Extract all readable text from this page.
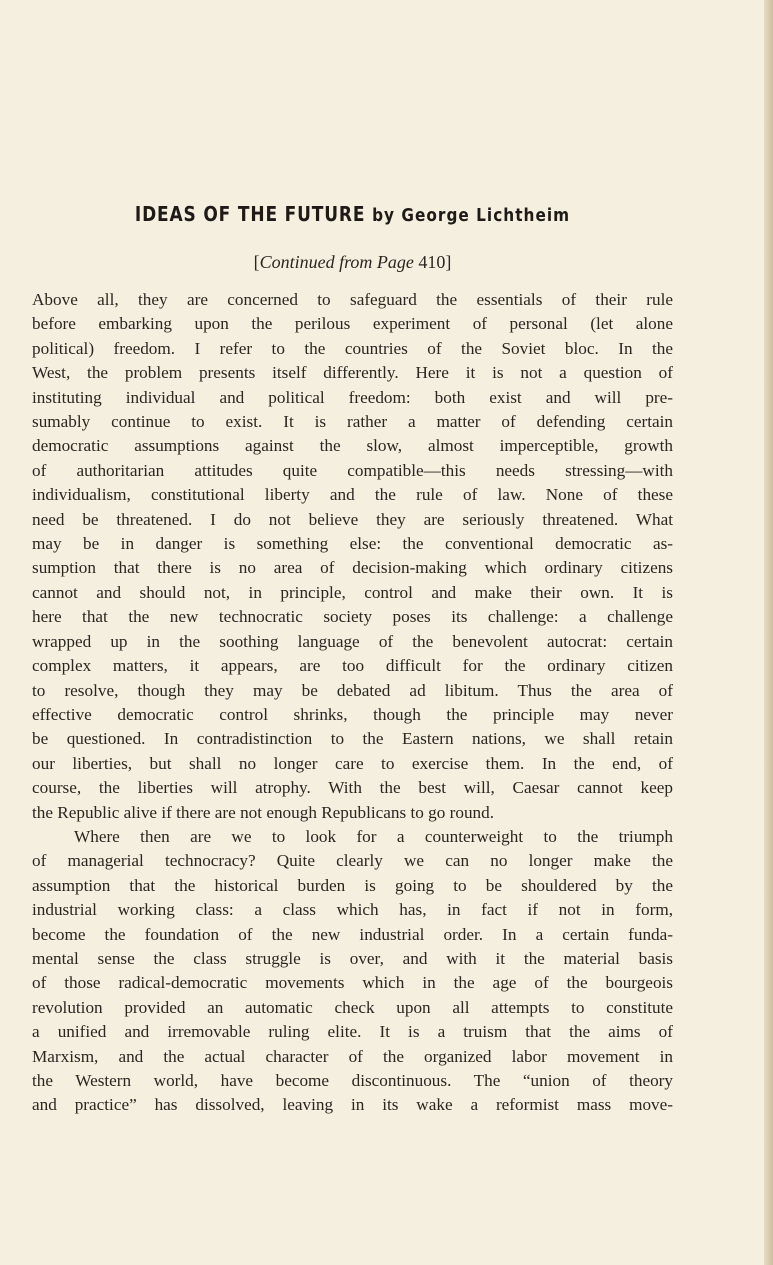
IDEAS OF THE FUTURE by George Lichtheim
[Continued from Page 410]

Above all, they are concerned to safeguard the essentials of their rule

before embarking upon the perilous experiment of personal (let alone

political) freedom. I refer to the countries of the Soviet bloc. In the

West, the problem presents itself differently. Here it is not a question of

instituting individual and political freedom: both exist and will pre-

sumably continue to exist. It is rather a matter of defending certain

democratic assumptions against the slow, almost imperceptible, growth

of authoritarian attitudes quite compatible—this needs stressing—with

individualism, constitutional liberty and the rule of law. None of these

need be threatened. I do not believe they are seriously threatened. What

may be in danger is something else: the conventional democratic as-

sumption that there is no area of decision-making which ordinary citizens

cannot and should not, in principle, control and make their own. It is

here that the new technocratic society poses its challenge: a challenge

wrapped up in the soothing language of the benevolent autocrat: certain

complex matters, it appears, are too difficult for the ordinary citizen

to resolve, though they may be debated ad libitum. Thus the area of

effective democratic control shrinks, though the principle may never

be questioned. In contradistinction to the Eastern nations, we shall retain

our liberties, but shall no longer care to exercise them. In the end, of

course, the liberties will atrophy. With the best will, Caesar cannot keep

the Republic alive if there are not enough Republicans to go round.

Where then are we to look for a counterweight to the triumph

of managerial technocracy? Quite clearly we can no longer make the

assumption that the historical burden is going to be shouldered by the

industrial working class: a class which has, in fact if not in form,

become the foundation of the new industrial order. In a certain funda-

mental sense the class struggle is over, and with it the material basis

of those radical-democratic movements which in the age of the bourgeois

revolution provided an automatic check upon all attempts to constitute

a unified and irremovable ruling elite. It is a truism that the aims of

Marxism, and the actual character of the organized labor movement in

the Western world, have become discontinuous. The “union of theory

and practice” has dissolved, leaving in its wake a reformist mass move-
